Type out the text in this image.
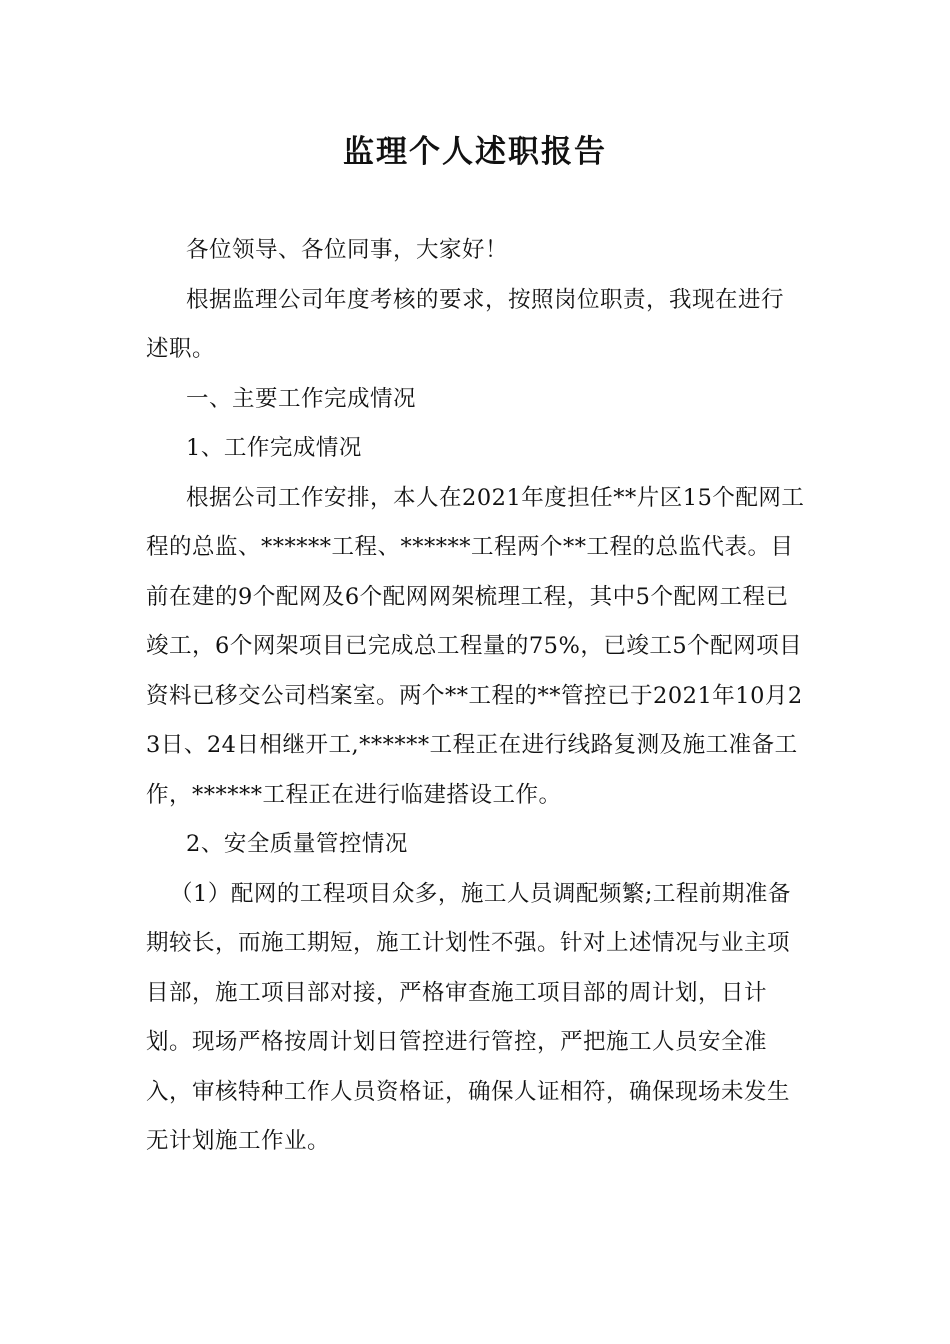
监理个人述职报告

各位领导、各位同事，大家好！

根据监理公司年度考核的要求，按照岗位职责，我现在进行述职。

一、主要工作完成情况

1、工作完成情况

根据公司工作安排，本人在2021年度担任**片区15个配网工程的总监、******工程、******工程两个**工程的总监代表。目前在建的9个配网及6个配网网架梳理工程，其中5个配网工程已竣工，6个网架项目已完成总工程量的75%，已竣工5个配网项目资料已移交公司档案室。两个**工程的**管控已于2021年10月23日、24日相继开工,******工程正在进行线路复测及施工准备工作，******工程正在进行临建搭设工作。

2、安全质量管控情况

（1）配网的工程项目众多，施工人员调配频繁;工程前期准备期较长，而施工期短，施工计划性不强。针对上述情况与业主项目部，施工项目部对接，严格审查施工项目部的周计划，日计划。现场严格按周计划日管控进行管控，严把施工人员安全准入，审核特种工作人员资格证，确保人证相符，确保现场未发生无计划施工作业。
